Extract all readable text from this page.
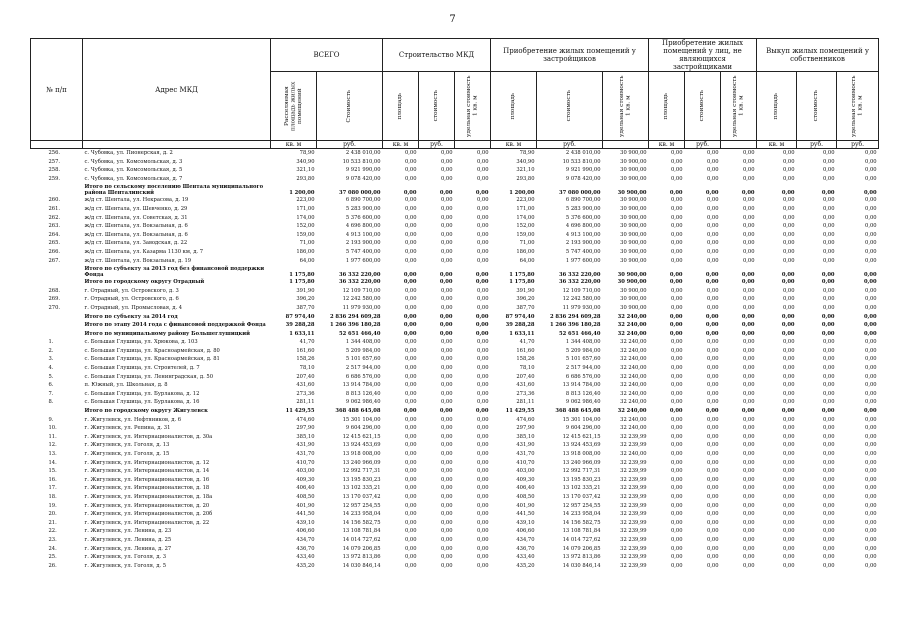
7
№ п/п	Адрес МКД	ВСЕГО		Строительство МКД			Приобретение жилых помещений у застройщиков			Приобретение жилых помещений у лиц, не являющихся застройщиками			Выкуп жилых помещений у собственников		

		Расселяемая площадь жилых помещений	Стоимость	площадь	стоимость	удельная стоимость 1 кв. м	площадь	стоимость	удельная стоимость 1 кв. м	площадь	стоимость	удельная стоимость 1 кв. м	площадь	стоимость	удельная стоимость 1 кв. м

		кв. м	руб.	кв. м	руб.		кв. м	руб.		кв. м	руб.		кв. м	руб.	руб.
256.	с. Чубовка, ул. Пионерская, д. 2	78,90	2 438 010,00	0,00	0,00	0,00	78,90	2 438 010,00	30 900,00	0,00	0,00	0,00	0,00	0,00	0,00
257.	с. Чубовка, ул. Комсомольская, д. 3	340,90	10 533 810,00	0,00	0,00	0,00	340,90	10 533 810,00	30 900,00	0,00	0,00	0,00	0,00	0,00	0,00
258.	с. Чубовка, ул. Комсомольская, д. 5	321,10	9 921 990,00	0,00	0,00	0,00	321,10	9 921 990,00	30 900,00	0,00	0,00	0,00	0,00	0,00	0,00
259.	с. Чубовка, ул. Комсомольская, д. 7	293,80	9 078 420,00	0,00	0,00	0,00	293,80	9 078 420,00	30 900,00	0,00	0,00	0,00	0,00	0,00	0,00
	Итого по сельскому поселению Шентала муниципального района Шенталинский	1 200,00	37 080 000,00	0,00	0,00	0,00	1 200,00	37 080 000,00	30 900,00	0,00	0,00	0,00	0,00	0,00	0,00
260.	ж/д ст. Шентала, ул. Некрасова, д. 19	223,00	6 890 700,00	0,00	0,00	0,00	223,00	6 890 700,00	30 900,00	0,00	0,00	0,00	0,00	0,00	0,00
261.	ж/д ст. Шентала, ул. Шевченко, д. 29	171,00	5 283 900,00	0,00	0,00	0,00	171,00	5 283 900,00	30 900,00	0,00	0,00	0,00	0,00	0,00	0,00
262.	ж/д ст. Шентала, ул. Советская, д. 31	174,00	5 376 600,00	0,00	0,00	0,00	174,00	5 376 600,00	30 900,00	0,00	0,00	0,00	0,00	0,00	0,00
263.	ж/д ст. Шентала, ул. Вокзальная, д. 6	152,00	4 696 800,00	0,00	0,00	0,00	152,00	4 696 800,00	30 900,00	0,00	0,00	0,00	0,00	0,00	0,00
264.	ж/д ст. Шентала, ул. Вокзальная, д. 6	159,00	4 913 100,00	0,00	0,00	0,00	159,00	4 913 100,00	30 900,00	0,00	0,00	0,00	0,00	0,00	0,00
265.	ж/д ст. Шентала, ул. Заводская, д. 22	71,00	2 193 900,00	0,00	0,00	0,00	71,00	2 193 900,00	30 900,00	0,00	0,00	0,00	0,00	0,00	0,00
266.	ж/д ст. Шентала, ул. Казарма 1130 км, д. 7	186,00	5 747 400,00	0,00	0,00	0,00	186,00	5 747 400,00	30 900,00	0,00	0,00	0,00	0,00	0,00	0,00
267.	ж/д ст. Шентала, ул. Вокзальная, д. 19	64,00	1 977 600,00	0,00	0,00	0,00	64,00	1 977 600,00	30 900,00	0,00	0,00	0,00	0,00	0,00	0,00
	Итого по субъекту за 2013 год без финансовой поддержки Фонда	1 175,80	36 332 220,00	0,00	0,00	0,00	1 175,80	36 332 220,00	30 900,00	0,00	0,00	0,00	0,00	0,00	0,00
	Итого по городскому округу Отрадный	1 175,80	36 332 220,00	0,00	0,00	0,00	1 175,80	36 332 220,00	30 900,00	0,00	0,00	0,00	0,00	0,00	0,00
268.	г. Отрадный, ул. Островского, д. 3	391,90	12 109 710,00	0,00	0,00	0,00	391,90	12 109 710,00	30 900,00	0,00	0,00	0,00	0,00	0,00	0,00
269.	г. Отрадный, ул. Островского, д. 6	396,20	12 242 580,00	0,00	0,00	0,00	396,20	12 242 580,00	30 900,00	0,00	0,00	0,00	0,00	0,00	0,00
270.	г. Отрадный, ул. Промысловая, д. 4	387,70	11 979 930,00	0,00	0,00	0,00	387,70	11 979 930,00	30 900,00	0,00	0,00	0,00	0,00	0,00	0,00
	Итого по субъекту за 2014 год	87 974,40	2 836 294 609,28	0,00	0,00	0,00	87 974,40	2 836 294 609,28	32 240,00	0,00	0,00	0,00	0,00	0,00	0,00
	Итого по этапу 2014 года с финансовой поддержкой Фонда	39 288,28	1 266 396 180,28	0,00	0,00	0,00	39 288,28	1 266 396 180,28	32 240,00	0,00	0,00	0,00	0,00	0,00	0,00
	Итого по муниципальному району Большеглушицкий	1 633,11	52 651 466,40	0,00	0,00	0,00	1 633,11	52 651 466,40	32 240,00	0,00	0,00	0,00	0,00	0,00	0,00
1.	с. Большая Глушица, ул. Хрюкова, д. 103	41,70	1 344 408,00	0,00	0,00	0,00	41,70	1 344 408,00	32 240,00	0,00	0,00	0,00	0,00	0,00	0,00
2.	с. Большая Глушица, ул. Красноармейская, д. 80	161,60	5 209 984,00	0,00	0,00	0,00	161,60	5 209 984,00	32 240,00	0,00	0,00	0,00	0,00	0,00	0,00
3.	с. Большая Глушица, ул. Красноармейская, д. 81	158,26	5 101 657,60	0,00	0,00	0,00	158,26	5 101 657,60	32 240,00	0,00	0,00	0,00	0,00	0,00	0,00
4.	с. Большая Глушица, ул. Строителей, д. 7	78,10	2 517 944,00	0,00	0,00	0,00	78,10	2 517 944,00	32 240,00	0,00	0,00	0,00	0,00	0,00	0,00
5.	с. Большая Глушица, ул. Ленинградская, д. 50	207,40	6 686 576,00	0,00	0,00	0,00	207,40	6 686 576,00	32 240,00	0,00	0,00	0,00	0,00	0,00	0,00
6.	п. Южный, ул. Школьная, д. 8	431,60	13 914 784,00	0,00	0,00	0,00	431,60	13 914 784,00	32 240,00	0,00	0,00	0,00	0,00	0,00	0,00
7.	с. Большая Глушица, ул. Бурлакова, д. 12	273,36	8 813 126,40	0,00	0,00	0,00	273,36	8 813 126,40	32 240,00	0,00	0,00	0,00	0,00	0,00	0,00
8.	с. Большая Глушица, ул. Бурлакова, д. 16	281,11	9 062 986,40	0,00	0,00	0,00	281,11	9 062 986,40	32 240,00	0,00	0,00	0,00	0,00	0,00	0,00
	Итого по городскому округу Жигулевск	11 429,55	368 488 645,08	0,00	0,00	0,00	11 429,55	368 488 645,08	32 240,00	0,00	0,00	0,00	0,00	0,00	0,00
9.	г. Жигулевск, ул. Нефтяников, д. 6	474,60	15 301 104,00	0,00	0,00	0,00	474,60	15 301 104,00	32 240,00	0,00	0,00	0,00	0,00	0,00	0,00
10.	г. Жигулевск, ул. Репина, д. 31	297,90	9 604 296,00	0,00	0,00	0,00	297,90	9 604 296,00	32 240,00	0,00	0,00	0,00	0,00	0,00	0,00
11.	г. Жигулевск, ул. Интернационалистов, д. 30а	385,10	12 415 621,15	0,00	0,00	0,00	385,10	12 415 621,15	32 239,99	0,00	0,00	0,00	0,00	0,00	0,00
12.	г. Жигулевск, ул. Гоголя, д. 13	431,90	13 924 453,69	0,00	0,00	0,00	431,90	13 924 453,69	32 239,99	0,00	0,00	0,00	0,00	0,00	0,00
13.	г. Жигулевск, ул. Гоголя, д. 15	431,70	13 918 008,00	0,00	0,00	0,00	431,70	13 918 008,00	32 240,00	0,00	0,00	0,00	0,00	0,00	0,00
14.	г. Жигулевск, ул. Интернационалистов, д. 12	410,70	13 240 966,09	0,00	0,00	0,00	410,70	13 240 966,09	32 239,99	0,00	0,00	0,00	0,00	0,00	0,00
15.	г. Жигулевск, ул. Интернационалистов, д. 14	403,00	12 992 717,31	0,00	0,00	0,00	403,00	12 992 717,31	32 239,99	0,00	0,00	0,00	0,00	0,00	0,00
16.	г. Жигулевск, ул. Интернационалистов, д. 16	409,30	13 195 830,23	0,00	0,00	0,00	409,30	13 195 830,23	32 239,99	0,00	0,00	0,00	0,00	0,00	0,00
17.	г. Жигулевск, ул. Интернационалистов, д. 18	406,40	13 102 335,21	0,00	0,00	0,00	406,40	13 102 335,21	32 239,99	0,00	0,00	0,00	0,00	0,00	0,00
18.	г. Жигулевск, ул. Интернационалистов, д. 18а	408,50	13 170 037,42	0,00	0,00	0,00	408,50	13 170 037,42	32 239,99	0,00	0,00	0,00	0,00	0,00	0,00
19.	г. Жигулевск, ул. Интернационалистов, д. 20	401,90	12 957 254,55	0,00	0,00	0,00	401,90	12 957 254,55	32 239,99	0,00	0,00	0,00	0,00	0,00	0,00
20.	г. Жигулевск, ул. Интернационалистов, д. 20б	441,50	14 233 958,04	0,00	0,00	0,00	441,50	14 233 958,04	32 239,99	0,00	0,00	0,00	0,00	0,00	0,00
21.	г. Жигулевск, ул. Интернационалистов, д. 22	439,10	14 156 582,75	0,00	0,00	0,00	439,10	14 156 582,75	32 239,99	0,00	0,00	0,00	0,00	0,00	0,00
22.	г. Жигулевск, ул. Ленина, д. 23	406,60	13 108 781,84	0,00	0,00	0,00	406,60	13 108 781,84	32 239,99	0,00	0,00	0,00	0,00	0,00	0,00
23.	г. Жигулевск, ул. Ленина, д. 25	434,70	14 014 727,62	0,00	0,00	0,00	434,70	14 014 727,62	32 239,99	0,00	0,00	0,00	0,00	0,00	0,00
24.	г. Жигулевск, ул. Ленина, д. 27	436,70	14 079 206,85	0,00	0,00	0,00	436,70	14 079 206,85	32 239,99	0,00	0,00	0,00	0,00	0,00	0,00
25.	г. Жигулевск, ул. Гоголя, д. 3	433,40	13 972 813,86	0,00	0,00	0,00	433,40	13 972 813,86	32 239,99	0,00	0,00	0,00	0,00	0,00	0,00
26.	г. Жигулевск, ул. Гоголя, д. 5	435,20	14 030 846,14	0,00	0,00	0,00	435,20	14 030 846,14	32 239,99	0,00	0,00	0,00	0,00	0,00	0,00
